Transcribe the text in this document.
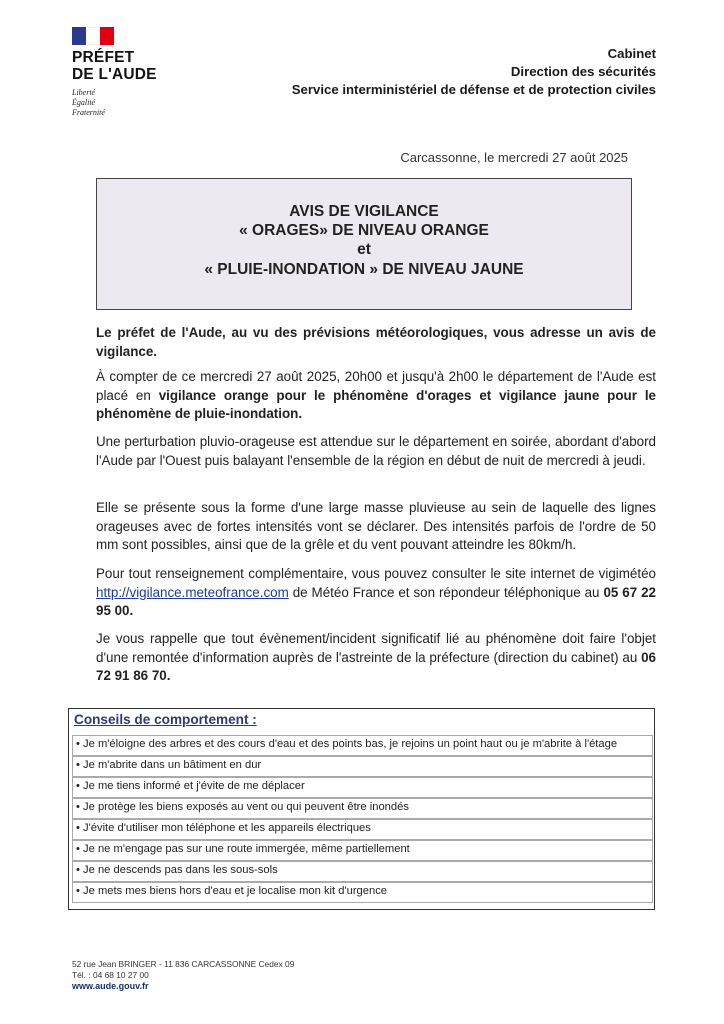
PRÉFET
DE L'AUDE
Liberté
Égalité
Fraternité
Cabinet
Direction des sécurités
Service interministériel de défense et de protection civiles
Carcassonne, le mercredi 27 août 2025
AVIS DE VIGILANCE
« ORAGES» DE NIVEAU ORANGE
et
« PLUIE-INONDATION » DE NIVEAU JAUNE
Le préfet de l'Aude, au vu des prévisions météorologiques, vous adresse un avis de vigilance.
À compter de ce mercredi 27 août 2025, 20h00 et jusqu'à 2h00 le département de l'Aude est placé en vigilance orange pour le phénomène d'orages et vigilance jaune pour le phénomène de pluie-inondation.
Une perturbation pluvio-orageuse est attendue sur le département en soirée, abordant d'abord l'Aude par l'Ouest puis balayant l'ensemble de la région en début de nuit de mercredi à jeudi.
Elle se présente sous la forme d'une large masse pluvieuse au sein de laquelle des lignes orageuses avec de fortes intensités vont se déclarer. Des intensités parfois de l'ordre de 50 mm sont possibles, ainsi que de la grêle et du vent pouvant atteindre les 80km/h.
Pour tout renseignement complémentaire, vous pouvez consulter le site internet de vigimétéo http://vigilance.meteofrance.com de Météo France et son répondeur téléphonique au 05 67 22 95 00.
Je vous rappelle que tout évènement/incident significatif lié au phénomène doit faire l'objet d'une remontée d'information auprès de l'astreinte de la préfecture (direction du cabinet) au 06 72 91 86 70.
Conseils de comportement :
• Je m'éloigne des arbres et des cours d'eau et des points bas, je rejoins un point haut ou je m'abrite à l'étage
• Je m'abrite dans un bâtiment en dur
• Je me tiens informé et j'évite de me déplacer
• Je protège les biens exposés au vent ou qui peuvent être inondés
• J'évite d'utiliser mon téléphone et les appareils électriques
• Je ne m'engage pas sur une route immergée, même partiellement
• Je ne descends pas dans les sous-sols
• Je mets mes biens hors d'eau et je localise mon kit d'urgence
52 rue Jean BRINGER - 11 836 CARCASSONNE Cedex 09
Tél. : 04 68 10 27 00
www.aude.gouv.fr
